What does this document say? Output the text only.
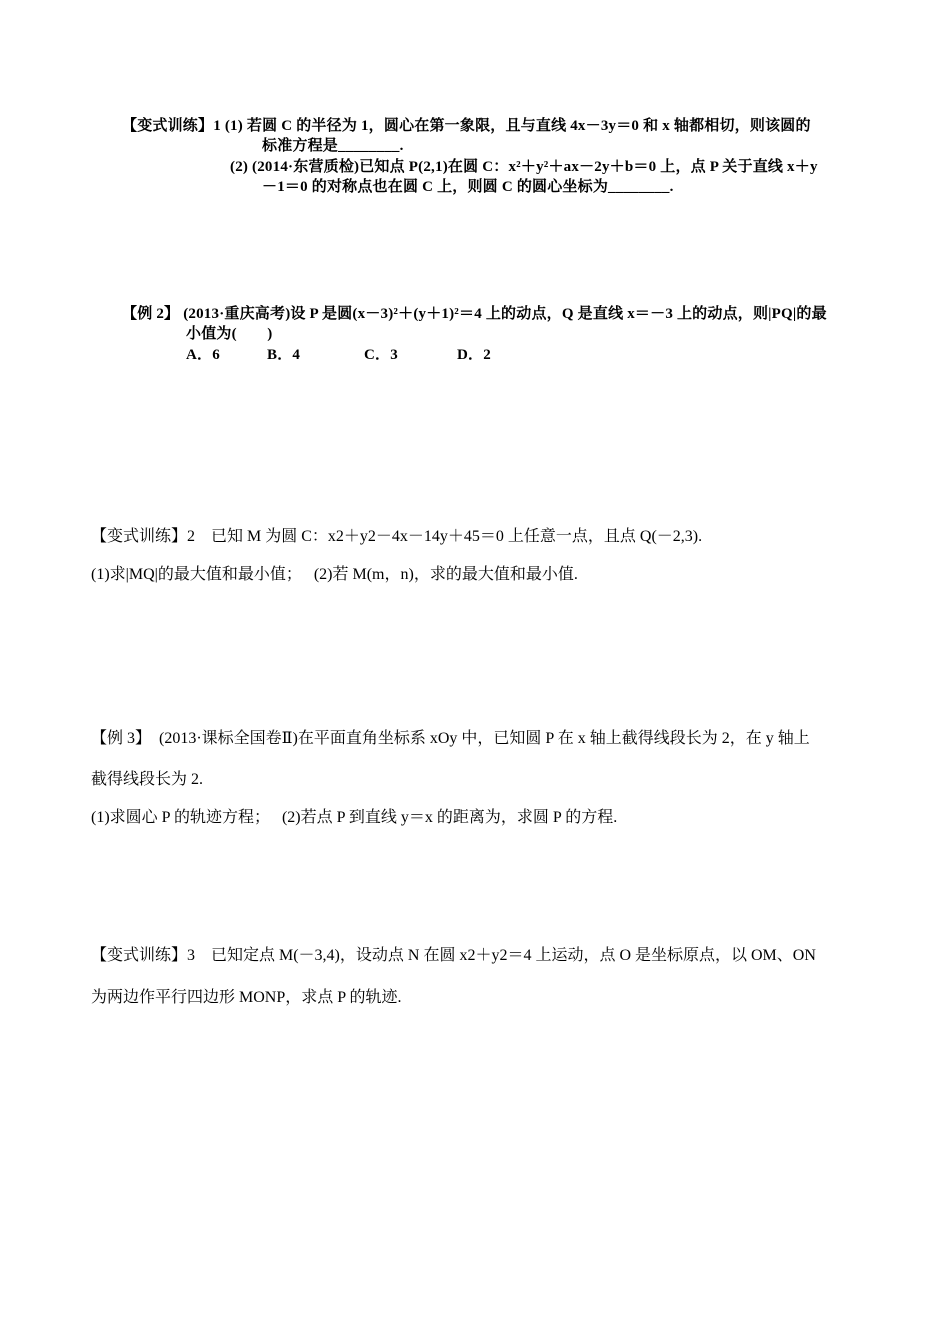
【变式训练】1 (1) 若圆 C 的半径为 1，圆心在第一象限，且与直线 4x－3y＝0 和 x 轴都相切，则该圆的
标准方程是________.
(2) (2014·东营质检)已知点 P(2,1)在圆 C：x²＋y²＋ax－2y＋b＝0 上，点 P 关于直线 x＋y
－1＝0 的对称点也在圆 C 上，则圆 C 的圆心坐标为________.
【例 2】 (2013·重庆高考)设 P 是圆(x－3)²＋(y＋1)²＝4 上的动点，Q 是直线 x＝－3 上的动点，则|PQ|的最
小值为(　　)
A．6	B．4	C．3	D．2
【变式训练】2　已知 M 为圆 C：x2＋y2－4x－14y＋45＝0 上任意一点，且点 Q(－2,3).
(1)求|MQ|的最大值和最小值；　 (2)若 M(m，n)，求的最大值和最小值.
【例 3】　(2013·课标全国卷Ⅱ)在平面直角坐标系 xOy 中，已知圆 P 在 x 轴上截得线段长为 2，在 y 轴上
截得线段长为 2.
(1)求圆心 P 的轨迹方程；　 (2)若点 P 到直线 y＝x 的距离为，求圆 P 的方程.
【变式训练】3　已知定点 M(－3,4)，设动点 N 在圆 x2＋y2＝4 上运动，点 O 是坐标原点，以 OM、ON
为两边作平行四边形 MONP，求点 P 的轨迹.
